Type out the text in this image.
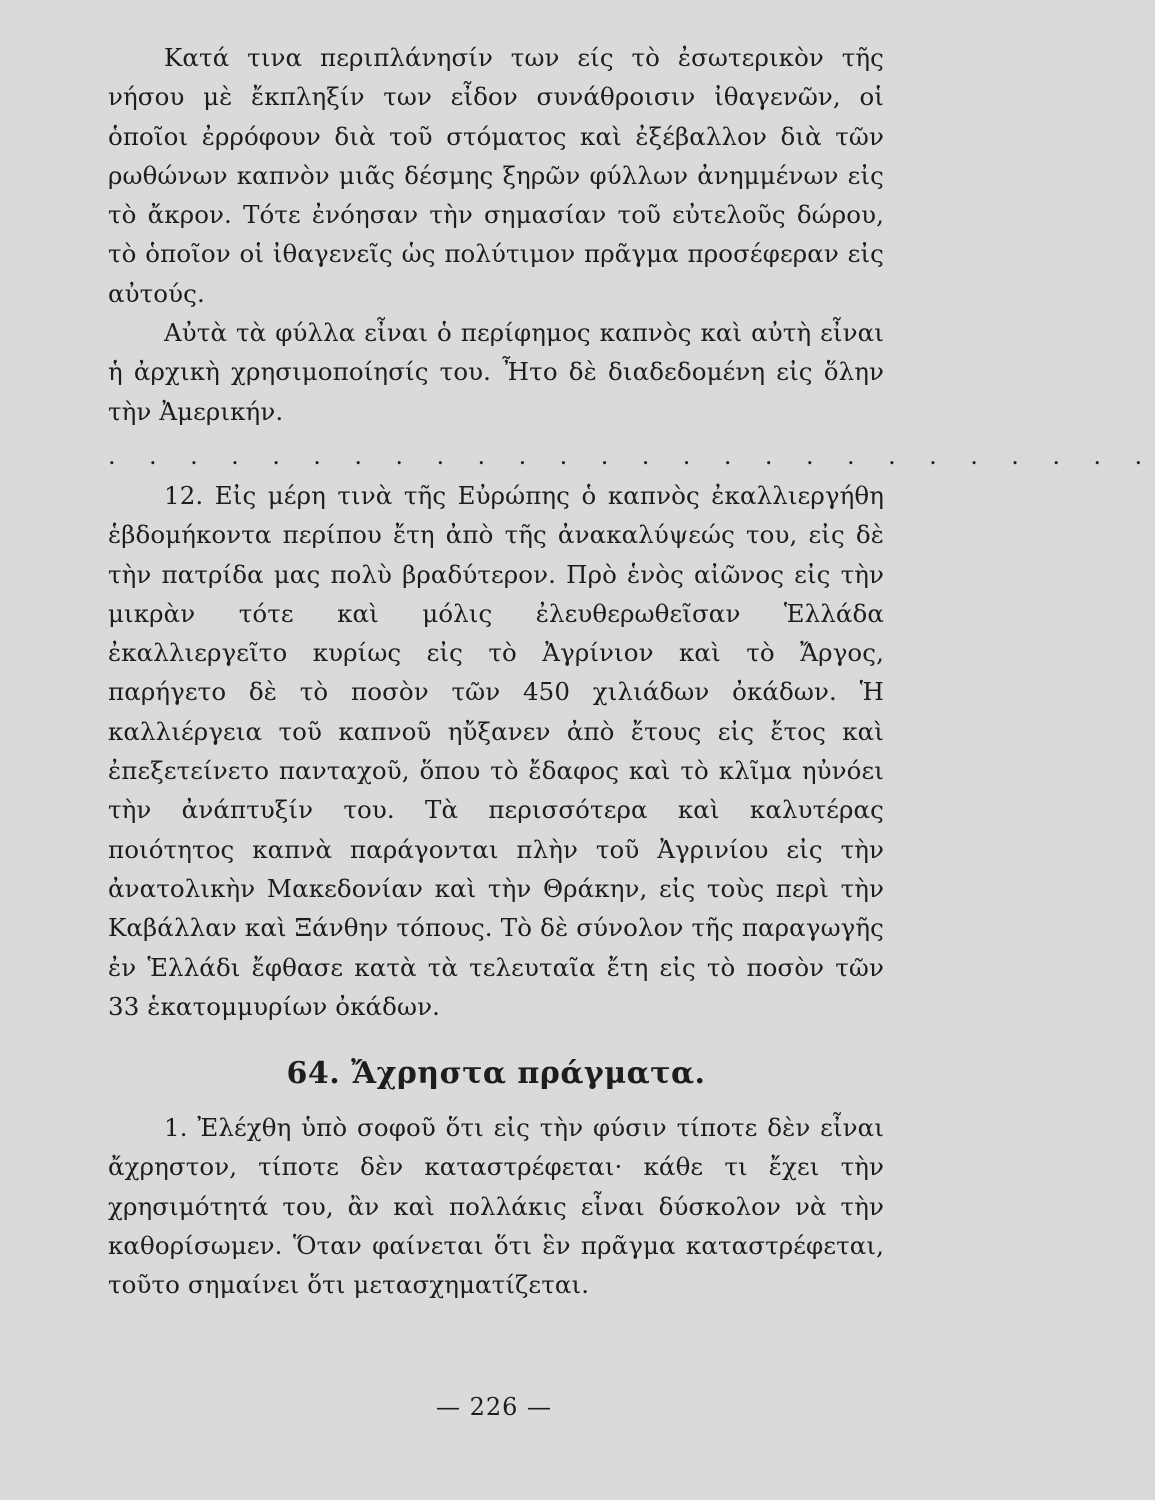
Κατά τινα περιπλάνησίν των είς τὸ ἐσωτερικὸν τῆς νήσου μὲ ἔκπληξίν των εἶδον συνάθροισιν ἰθαγενῶν, οἱ ὁποῖοι ἐρρόφουν διὰ τοῦ στόματος καὶ ἐξέβαλλον διὰ τῶν ρωθώνων καπνὸν μιᾶς δέσμης ξηρῶν φύλλων ἀνημμένων εἰς τὸ ἄκρον. Τότε ἐνόησαν τὴν σημασίαν τοῦ εὐτελοῦς δώρου, τὸ ὁποῖον οἱ ἰθαγενεῖς ὡς πολύτιμον πρᾶγμα προσέφεραν εἰς αὐτούς.

Αὐτὰ τὰ φύλλα εἶναι ὁ περίφημος καπνὸς καὶ αὐτὴ εἶναι ἡ ἀρχικὴ χρησιμοποίησίς του. Ἦτο δὲ διαδεδομένη εἰς ὅλην τὴν Ἀμερικήν.

. . . . . . . . . . . . . . . . . . . . . . . . . .

12. Εἰς μέρη τινὰ τῆς Εὐρώπης ὁ καπνὸς ἐκαλλιεργήθη ἑβδομήκοντα περίπου ἔτη ἀπὸ τῆς ἀνακαλύψεώς του, εἰς δὲ τὴν πατρίδα μας πολὺ βραδύτερον. Πρὸ ἑνὸς αἰῶνος εἰς τὴν μικρὰν τότε καὶ μόλις ἐλευθερωθεῖσαν Ἑλλάδα ἐκαλλιεργεῖτο κυρίως εἰς τὸ Ἀγρίνιον καὶ τὸ Ἄργος, παρήγετο δὲ τὸ ποσὸν τῶν 450 χιλιάδων ὀκάδων. Ἡ καλλιέργεια τοῦ καπνοῦ ηὔξανεν ἀπὸ ἔτους εἰς ἔτος καὶ ἐπεξετείνετο πανταχοῦ, ὅπου τὸ ἔδαφος καὶ τὸ κλῖμα ηὐνόει τὴν ἀνάπτυξίν του. Τὰ περισσότερα καὶ καλυτέρας ποιότητος καπνὰ παράγονται πλὴν τοῦ Ἀγρινίου εἰς τὴν ἀνατολικὴν Μακεδονίαν καὶ τὴν Θράκην, εἰς τοὺς περὶ τὴν Καβάλλαν καὶ Ξάνθην τόπους. Τὸ δὲ σύνολον τῆς παραγωγῆς ἐν Ἑλλάδι ἔφθασε κατὰ τὰ τελευταῖα ἔτη εἰς τὸ ποσὸν τῶν 33 ἑκατομμυρίων ὀκάδων.

64. Ἄχρηστα πράγματα.

1. Ἐλέχθη ὑπὸ σοφοῦ ὅτι εἰς τὴν φύσιν τίποτε δὲν εἶναι ἄχρηστον, τίποτε δὲν καταστρέφεται· κάθε τι ἔχει τὴν χρησιμότητά του, ἂν καὶ πολλάκις εἶναι δύσκολον νὰ τὴν καθορίσωμεν. Ὅταν φαίνεται ὅτι ἓν πρᾶγμα καταστρέφεται, τοῦτο σημαίνει ὅτι μετασχηματίζεται.

— 226 —
